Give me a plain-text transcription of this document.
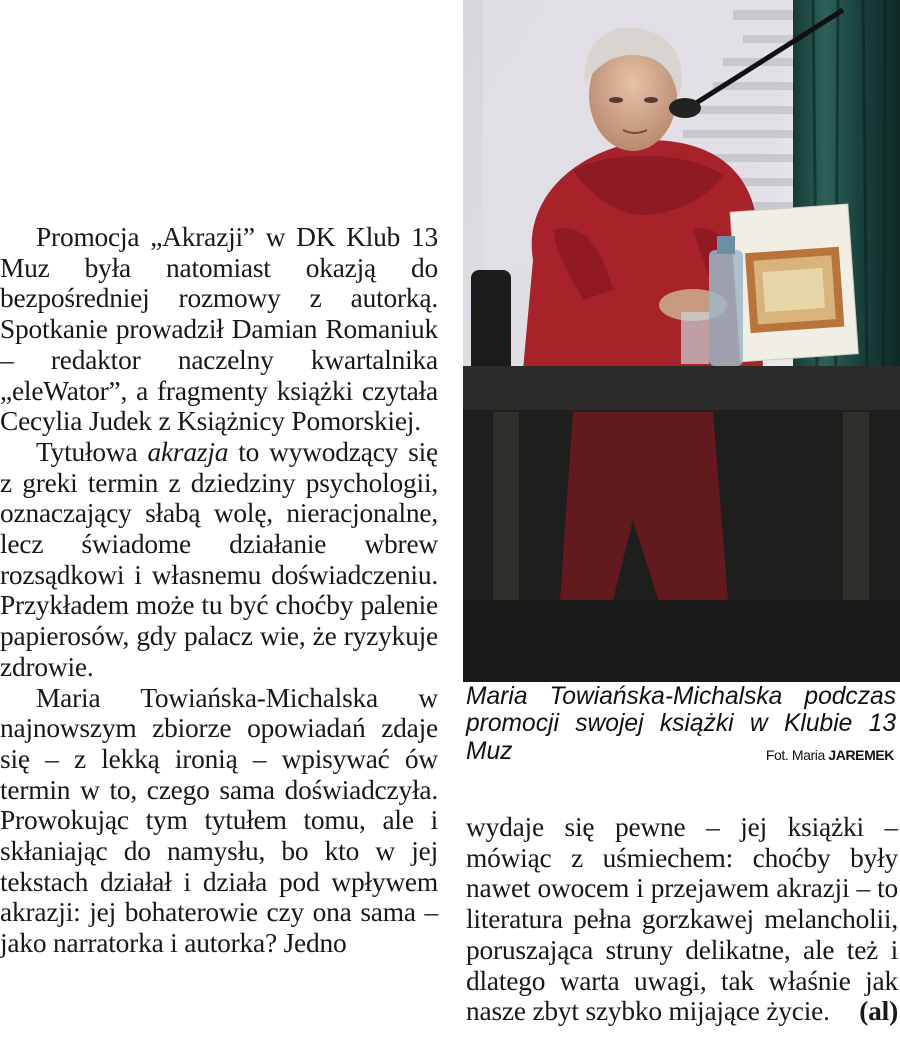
Promocja „Akrazji” w DK Klub 13 Muz była natomiast okazją do bezpośredniej rozmowy z autorką. Spotkanie prowadził Damian Romaniuk – redaktor naczelny kwartalnika „eleWator”, a fragmenty książki czytała Cecylia Judek z Książnicy Pomorskiej.

Tytułowa akrazja to wywodzący się z greki termin z dziedziny psychologii, oznaczający słabą wolę, nieracjonalne, lecz świadome działanie wbrew rozsądkowi i własnemu doświadczeniu. Przykładem może tu być choćby palenie papierosów, gdy palacz wie, że ryzykuje zdrowie.

Maria Towiańska-Michalska w najnowszym zbiorze opowiadań zdaje się – z lekką ironią – wpisywać ów termin w to, czego sama doświadczyła. Prowokując tym tytułem tomu, ale i skłaniając do namysłu, bo kto w jej tekstach działał i działa pod wpływem akrazji: jej bohaterowie czy ona sama – jako narratorka i autorka? Jedno

Maria Towiańska-Michalska podczas promocji swojej książki w Klubie 13 Muz	Fot. Maria JAREMEK

wydaje się pewne – jej książki – mówiąc z uśmiechem: choćby były nawet owocem i przejawem akrazji – to literatura pełna gorzkawej melancholii, poruszająca struny delikatne, ale też i dlatego warta uwagi, tak właśnie jak nasze zbyt szybko mijające życie. (al)
